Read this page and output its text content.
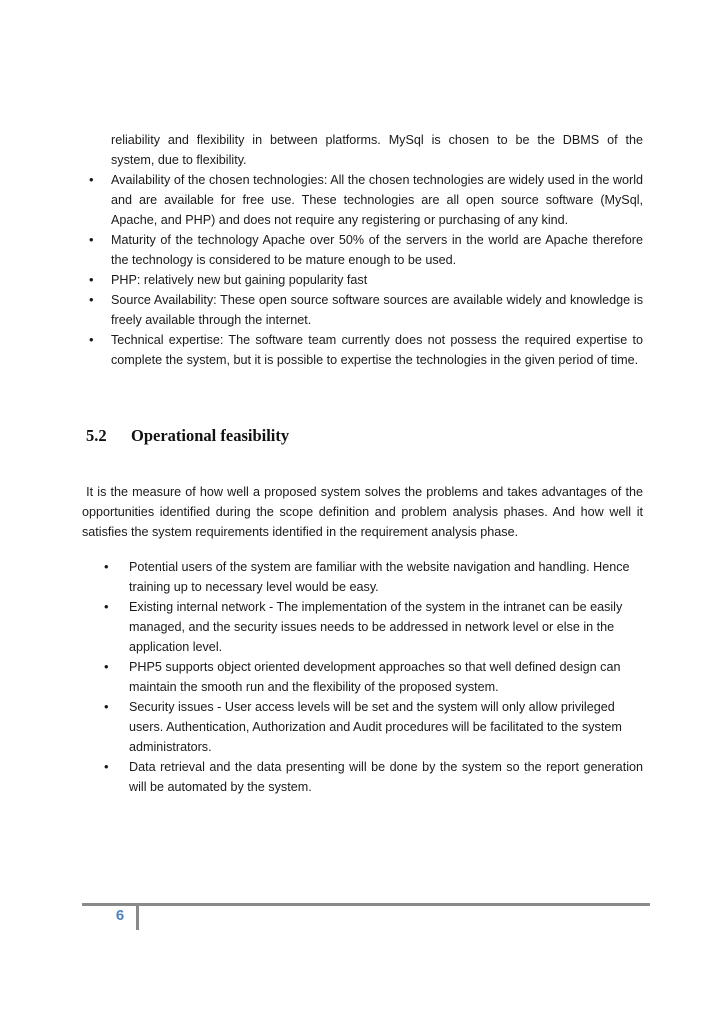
reliability and flexibility in between platforms. MySql is chosen to be the DBMS of the
system, due to flexibility.
• Availability of the chosen technologies: All the chosen technologies are widely used in the world and are available for free use. These technologies are all open source software (MySql, Apache, and PHP) and does not require any registering or purchasing of any kind.
• Maturity of the technology Apache over 50% of the servers in the world are Apache therefore the technology is considered to be mature enough to be used.
• PHP: relatively new but gaining popularity fast
• Source Availability: These open source software sources are available widely and knowledge is freely available through the internet.
• Technical expertise: The software team currently does not possess the required expertise to complete the system, but it is possible to expertise the technologies in the given period of time.
5.2 Operational feasibility
It is the measure of how well a proposed system solves the problems and takes advantages of the opportunities identified during the scope definition and problem analysis phases. And how well it satisfies the system requirements identified in the requirement analysis phase.
• Potential users of the system are familiar with the website navigation and handling. Hence training up to necessary level would be easy.
• Existing internal network - The implementation of the system in the intranet can be easily managed, and the security issues needs to be addressed in network level or else in the application level.
• PHP5 supports object oriented development approaches so that well defined design can maintain the smooth run and the flexibility of the proposed system.
• Security issues - User access levels will be set and the system will only allow privileged users. Authentication, Authorization and Audit procedures will be facilitated to the system administrators.
• Data retrieval and the data presenting will be done by the system so the report generation will be automated by the system.
6
